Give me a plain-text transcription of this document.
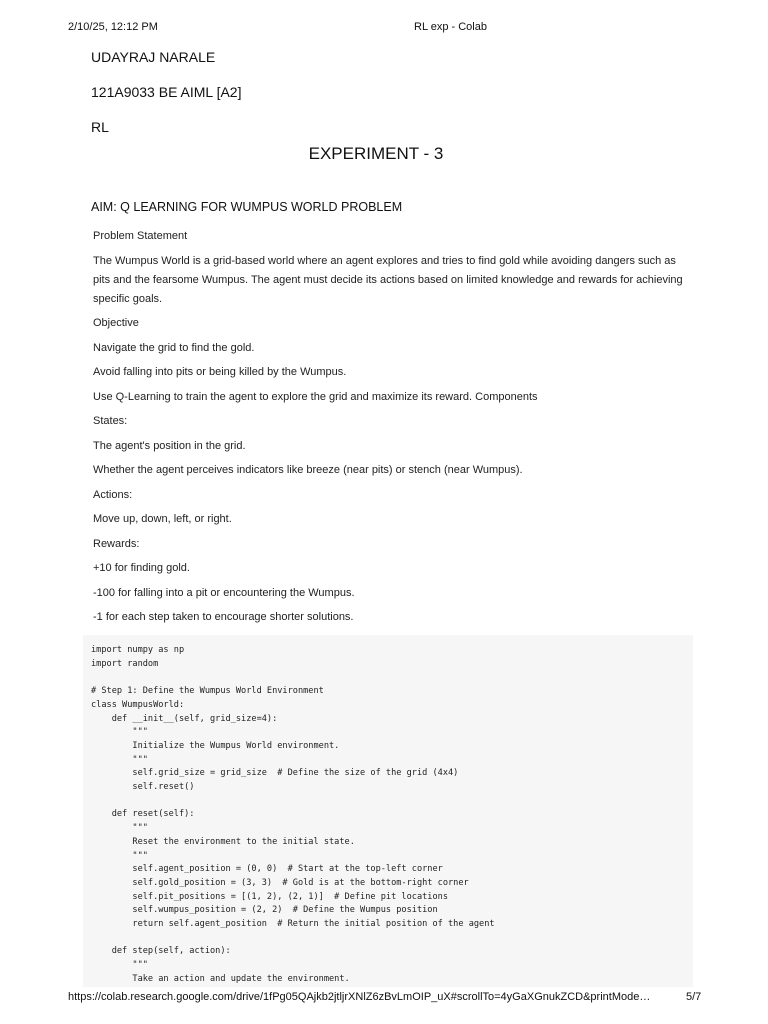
2/10/25, 12:12 PM	RL exp - Colab
UDAYRAJ NARALE
121A9033 BE AIML [A2]
RL
EXPERIMENT - 3
AIM: Q LEARNING FOR WUMPUS WORLD PROBLEM

Problem Statement

The Wumpus World is a grid-based world where an agent explores and tries to find gold while avoiding dangers such as pits and the fearsome Wumpus. The agent must decide its actions based on limited knowledge and rewards for achieving specific goals.

Objective

Navigate the grid to find the gold.

Avoid falling into pits or being killed by the Wumpus.

Use Q-Learning to train the agent to explore the grid and maximize its reward. Components

States:

The agent's position in the grid.

Whether the agent perceives indicators like breeze (near pits) or stench (near Wumpus).

Actions:

Move up, down, left, or right.

Rewards:

+10 for finding gold.

-100 for falling into a pit or encountering the Wumpus.

-1 for each step taken to encourage shorter solutions.

import numpy as np
import random

# Step 1: Define the Wumpus World Environment
class WumpusWorld:
def __init__(self, grid_size=4):
"""
Initialize the Wumpus World environment.
"""
self.grid_size = grid_size  # Define the size of the grid (4x4)
self.reset()

def reset(self):
"""
Reset the environment to the initial state.
"""
self.agent_position = (0, 0)  # Start at the top-left corner
self.gold_position = (3, 3)  # Gold is at the bottom-right corner
self.pit_positions = [(1, 2), (2, 1)]  # Define pit locations
self.wumpus_position = (2, 2)  # Define the Wumpus position
return self.agent_position  # Return the initial position of the agent

def step(self, action):
"""
Take an action and update the environment.
https://colab.research.google.com/drive/1fPg05QAjkb2jtljrXNlZ6zBvLmOIP_uX#scrollTo=4yGaXGnukZCD&printMode…	5/7
